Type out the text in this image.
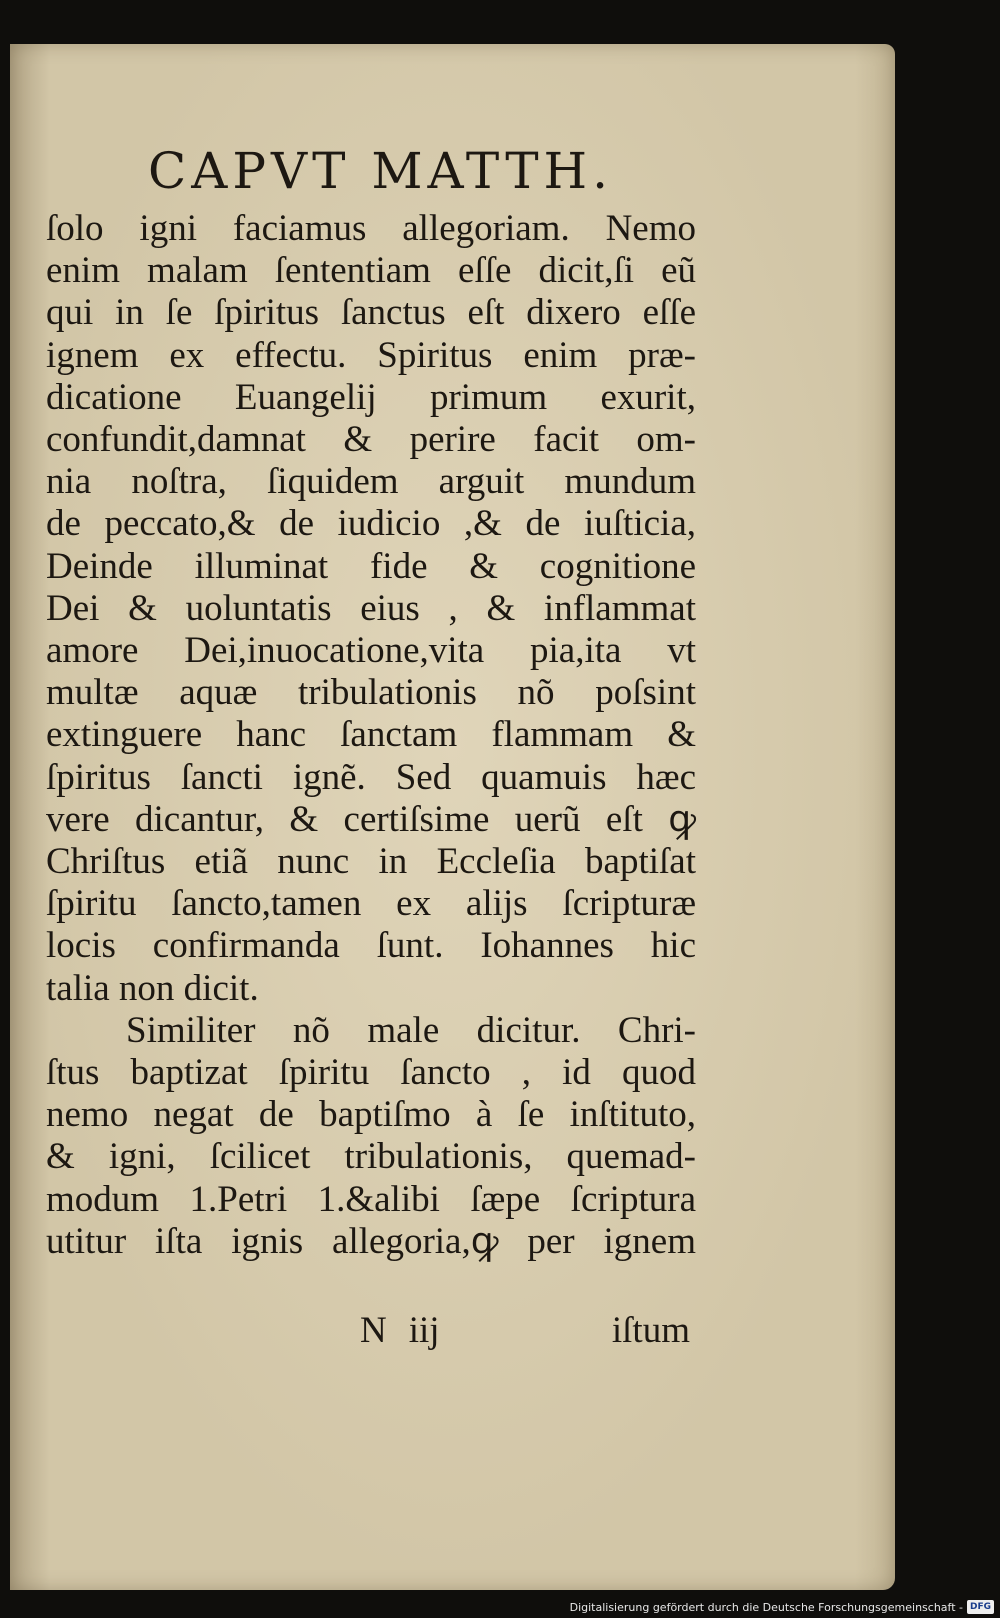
CAPVT MATTH.
ſolo igni faciamus allegoriam. Nemo
enim malam ſententiam eſſe dicit,ſi eũ
qui in ſe ſpiritus ſanctus eſt dixero eſſe
ignem ex effectu. Spiritus enim præ-
dicatione Euangelij primum exurit,
confundit,damnat & perire facit om-
nia noſtra, ſiquidem arguit mundum
de peccato,& de iudicio ,& de iuſticia,
Deinde illuminat fide & cognitione
Dei & uoluntatis eius , & inflammat
amore Dei,inuocatione,vita pia,ita vt
multæ aquæ tribulationis nõ poſsint
extinguere hanc ſanctam flammam &
ſpiritus ſancti ignẽ. Sed quamuis hæc
vere dicantur, & certiſsime uerũ eſt ꝙ
Chriſtus etiã nunc in Eccleſia baptiſat
ſpiritu ſancto,tamen ex alijs ſcripturæ
locis confirmanda ſunt. Iohannes hic
talia non dicit.
Similiter nõ male dicitur. Chri-
ſtus baptizat ſpiritu ſancto , id quod
nemo negat de baptiſmo à ſe inſtituto,
& igni, ſcilicet tribulationis, quemad-
modum 1.Petri 1.&alibi ſæpe ſcriptura
utitur iſta ignis allegoria,ꝙ per ignem
N iij	iſtum
Digitalisierung gefördert durch die Deutsche Forschungsgemeinschaft - DFG
